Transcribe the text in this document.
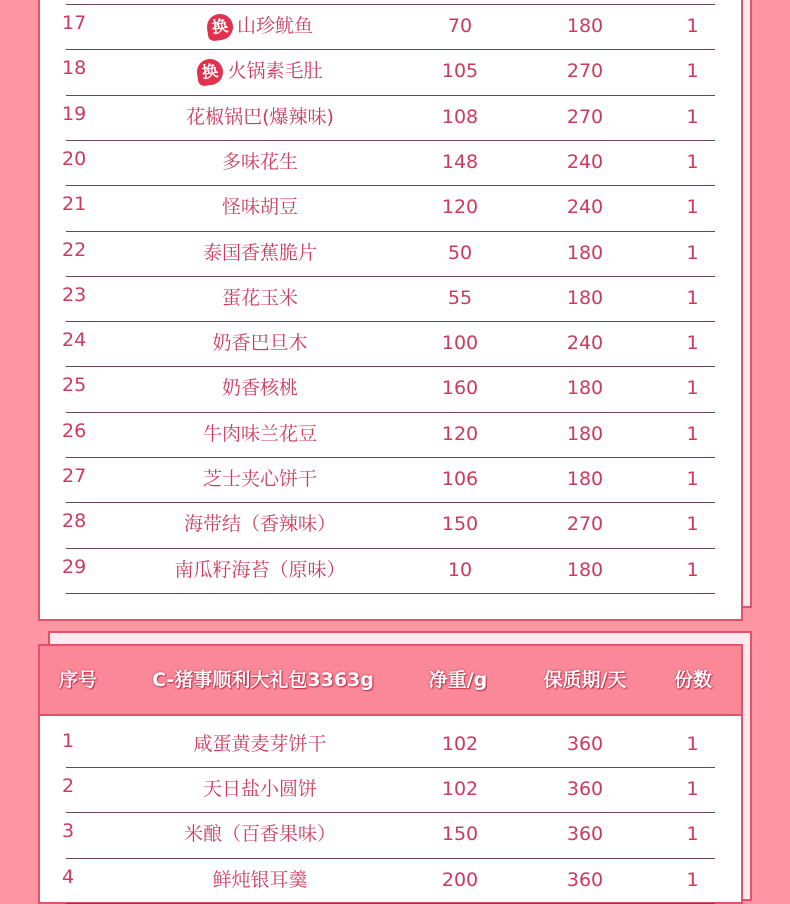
17	换 山珍鱿鱼	70	180	1
18	换 火锅素毛肚	105	270	1
19	花椒锅巴(爆辣味)	108	270	1
20	多味花生	148	240	1
21	怪味胡豆	120	240	1
22	泰国香蕉脆片	50	180	1
23	蛋花玉米	55	180	1
24	奶香巴旦木	100	240	1
25	奶香核桃	160	180	1
26	牛肉味兰花豆	120	180	1
27	芝士夹心饼干	106	180	1
28	海带结（香辣味）	150	270	1
29	南瓜籽海苔（原味）	10	180	1
序号	C-猪事顺利大礼包3363g	净重/g	保质期/天	份数
1	咸蛋黄麦芽饼干	102	360	1
2	天日盐小圆饼	102	360	1
3	米酿（百香果味）	150	360	1
4	鲜炖银耳羹	200	360	1
